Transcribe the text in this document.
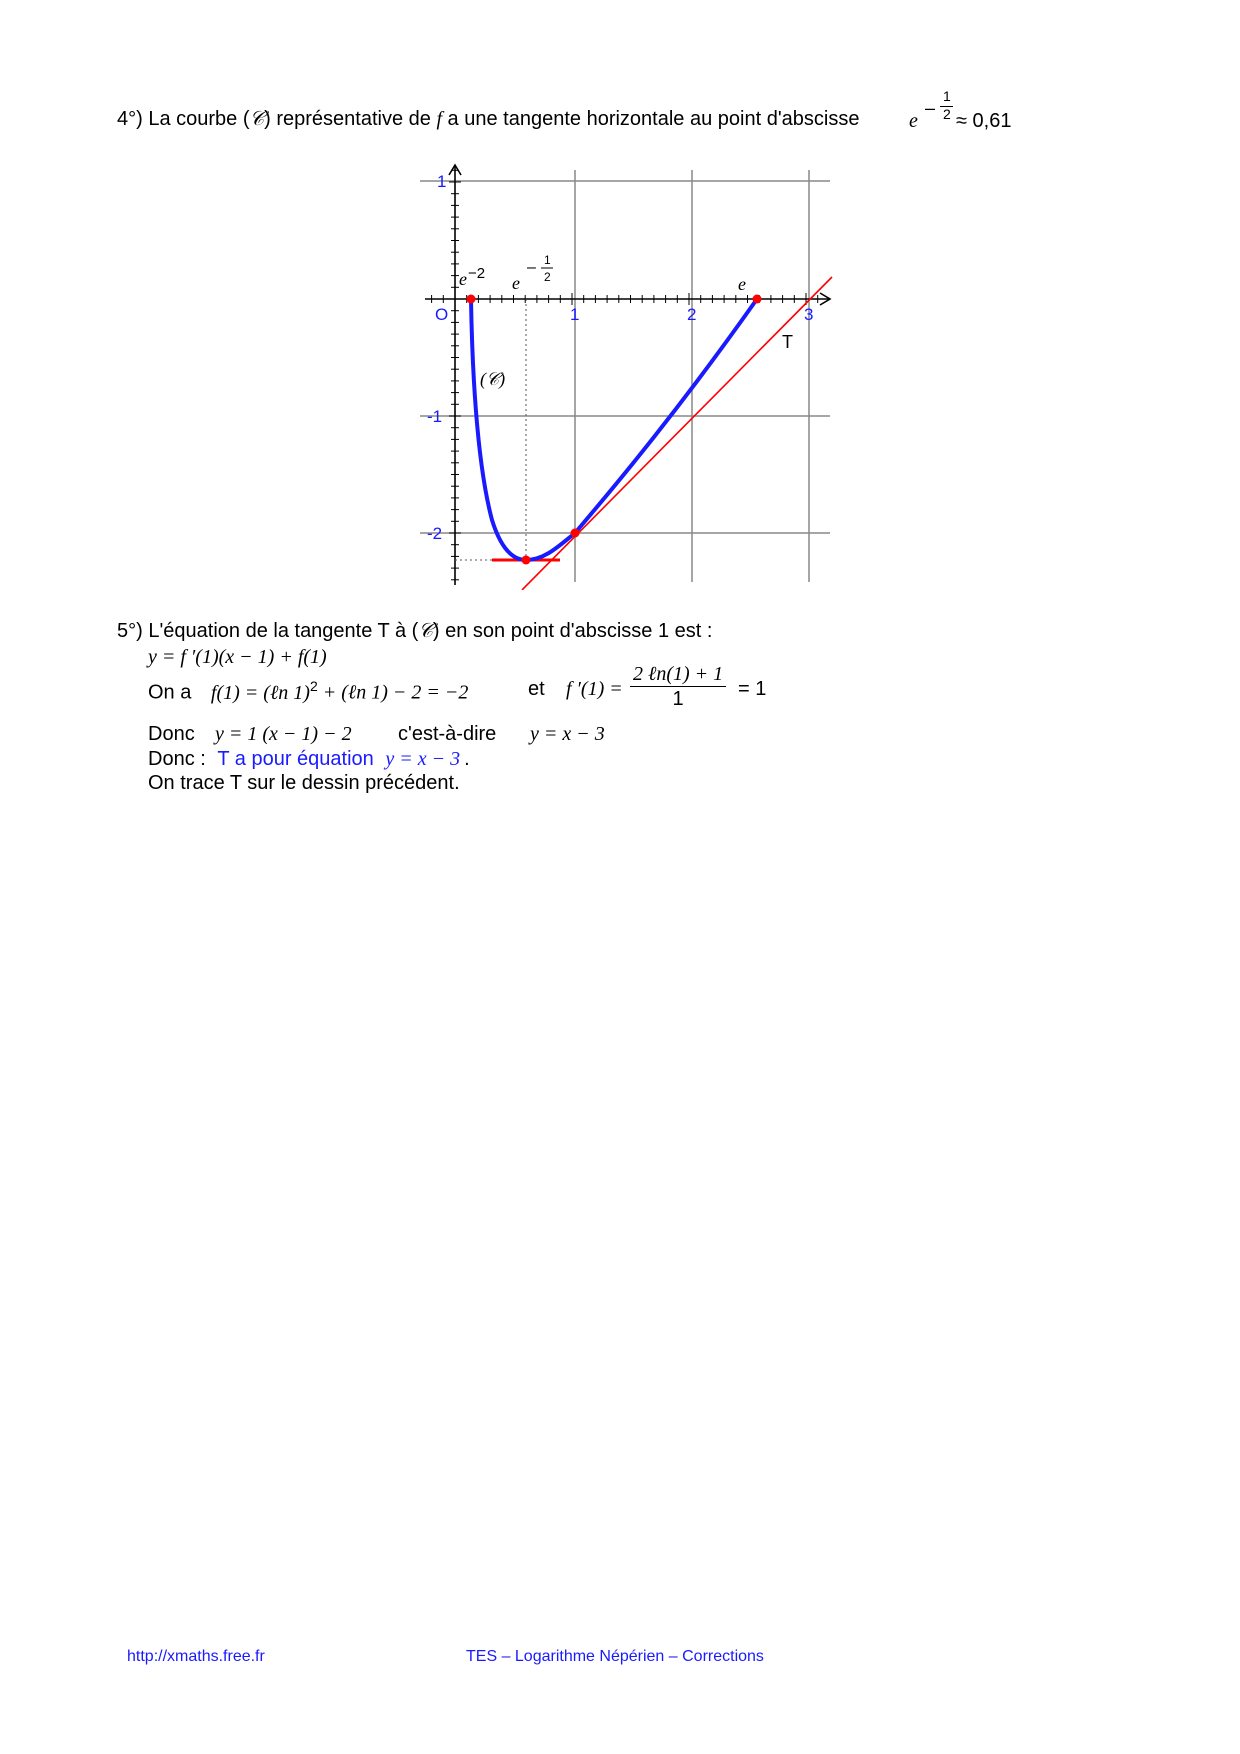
4°) La courbe (𝒞) représentative de f a une tangente horizontale au point d'abscisse e
–
1
2 ≈ 0,61
O	1	2	3
1
-1
-2
e −2 e
– 1
2	e
T
(𝒞)
5°) L'équation de la tangente T à (𝒞) en son point d'abscisse 1 est :
y = f ′(1)(x − 1) + f(1)
On a f(1) = (ℓn 1)$^2$ + (ℓn 1) − 2 = −2	et f $'(1) = \frac{\text{2 ℓn(1) + 1}}{1} = 1$
Donc y = 1 (x − 1) − 2 c'est-à-dire y = x − 3
Donc : T a pour équation y = x − 3 .
On trace T sur le dessin précédent.
http://xmaths.free.fr	TES – Logarithme Népérien – Corrections
